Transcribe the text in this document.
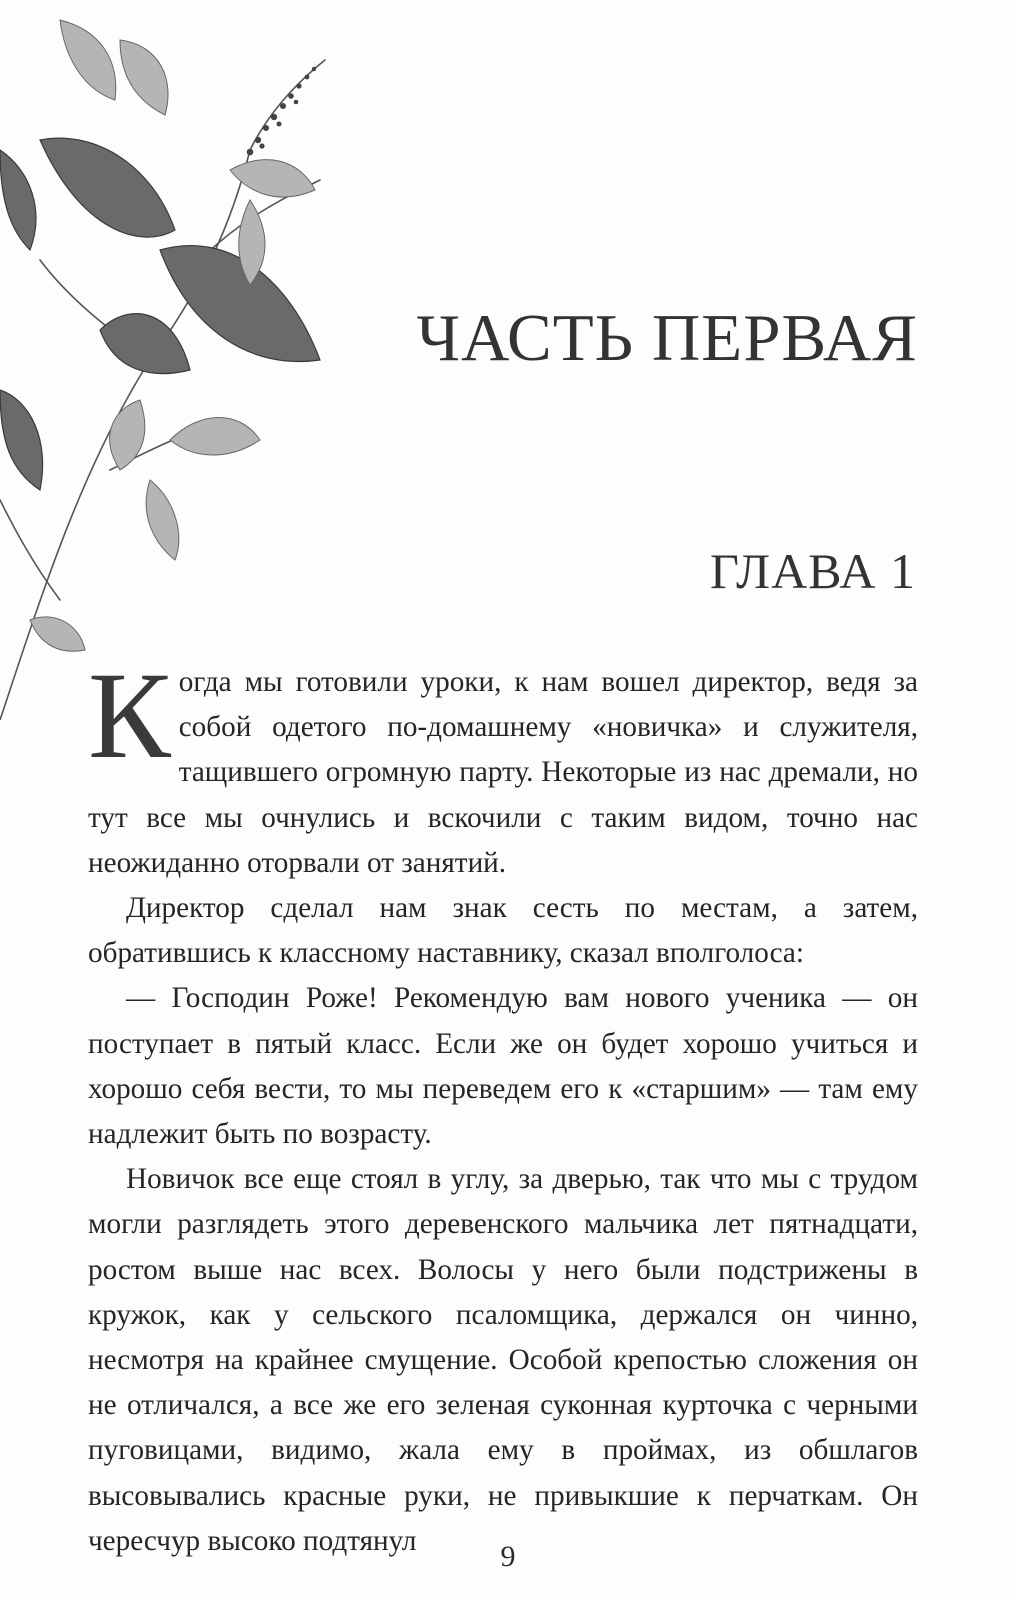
ЧАСТЬ ПЕРВАЯ
ГЛАВА 1

Когда мы готовили уроки, к нам вошел директор, ведя за собой одетого по-домашнему «новичка» и служителя, тащившего огромную парту. Некоторые из нас дремали, но тут все мы очнулись и вскочили с таким видом, точно нас неожиданно оторвали от занятий.

Директор сделал нам знак сесть по местам, а затем, обратившись к классному наставнику, сказал вполголоса:

— Господин Роже! Рекомендую вам нового ученика — он поступает в пятый класс. Если же он будет хорошо учиться и хорошо себя вести, то мы переведем его к «старшим» — там ему надлежит быть по возрасту.

Новичок все еще стоял в углу, за дверью, так что мы с трудом могли разглядеть этого деревенского мальчика лет пятнадцати, ростом выше нас всех. Волосы у него были подстрижены в кружок, как у сельского псаломщика, держался он чинно, несмотря на крайнее смущение. Особой крепостью сложения он не отличался, а все же его зеленая суконная курточка с черными пуговицами, видимо, жала ему в проймах, из обшлагов высовывались красные руки, не привыкшие к перчаткам. Он чересчур высоко подтянул	9
